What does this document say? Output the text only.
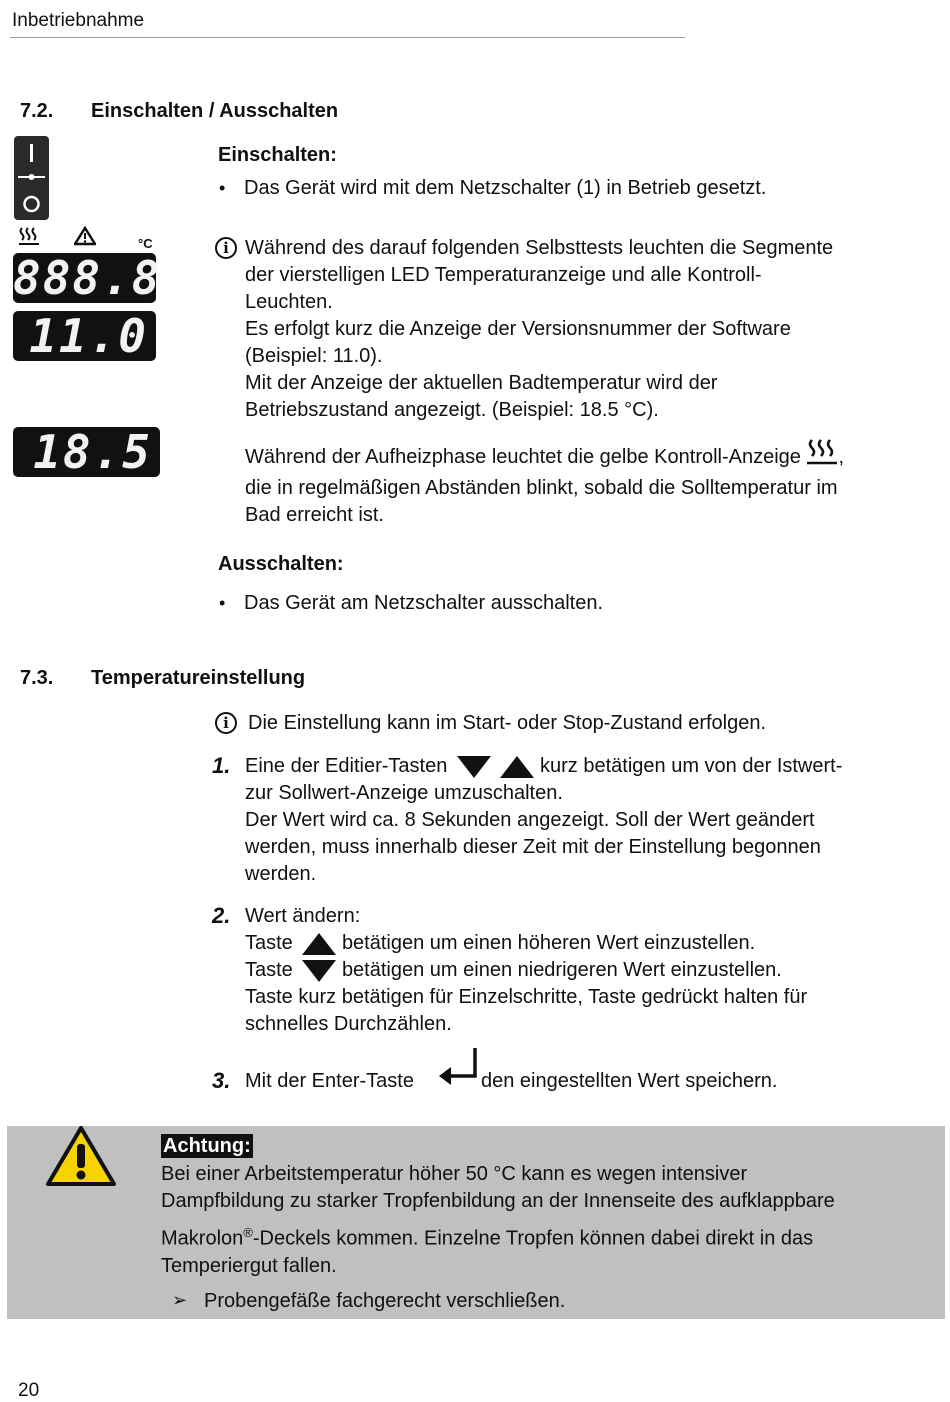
Inbetriebnahme
7.2. Einschalten / Ausschalten
°C
888.8
11.0
18.5
Einschalten:
• Das Gerät wird mit dem Netzschalter (1) in Betrieb gesetzt.
i Während des darauf folgenden Selbsttests leuchten die Segmente
der vierstelligen LED Temperaturanzeige und alle Kontroll-
Leuchten.
Es erfolgt kurz die Anzeige der Versionsnummer der Software
(Beispiel: 11.0).
Mit der Anzeige der aktuellen Badtemperatur wird der
Betriebszustand angezeigt. (Beispiel: 18.5 °C).
Während der Aufheizphase leuchtet die gelbe Kontroll-Anzeige ,
die in regelmäßigen Abständen blinkt, sobald die Solltemperatur im
Bad erreicht ist.
Ausschalten:
• Das Gerät am Netzschalter ausschalten.
7.3. Temperatureinstellung
i Die Einstellung kann im Start- oder Stop-Zustand erfolgen.
1. Eine der Editier-Tasten	kurz betätigen um von der Istwert-
zur Sollwert-Anzeige umzuschalten.
Der Wert wird ca. 8 Sekunden angezeigt. Soll der Wert geändert
werden, muss innerhalb dieser Zeit mit der Einstellung begonnen
werden.
2. Wert ändern:
Taste betätigen um einen höheren Wert einzustellen.
Taste betätigen um einen niedrigeren Wert einzustellen.
Taste kurz betätigen für Einzelschritte, Taste gedrückt halten für
schnelles Durchzählen.
3. Mit der Enter-Taste	den eingestellten Wert speichern.
Achtung:
Bei einer Arbeitstemperatur höher 50 °C kann es wegen intensiver
Dampfbildung zu starker Tropfenbildung an der Innenseite des aufklappbare
Makrolon®-Deckels kommen. Einzelne Tropfen können dabei direkt in das
Temperiergut fallen.
➢ Probengefäße fachgerecht verschließen.
20
